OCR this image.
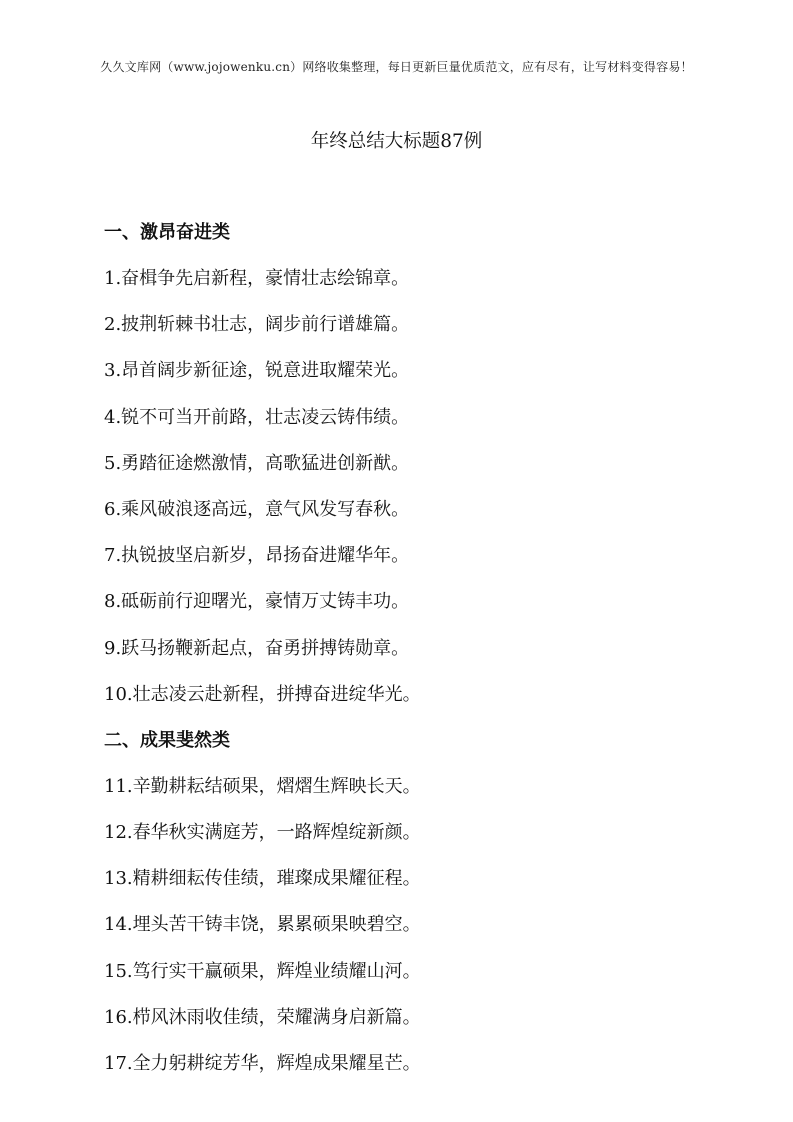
久久文库网（www.jojowenku.cn）网络收集整理，每日更新巨量优质范文，应有尽有，让写材料变得容易！
年终总结大标题87例
一、激昂奋进类
1.奋楫争先启新程，豪情壮志绘锦章。
2.披荆斩棘书壮志，阔步前行谱雄篇。
3.昂首阔步新征途，锐意进取耀荣光。
4.锐不可当开前路，壮志凌云铸伟绩。
5.勇踏征途燃激情，高歌猛进创新猷。
6.乘风破浪逐高远，意气风发写春秋。
7.执锐披坚启新岁，昂扬奋进耀华年。
8.砥砺前行迎曙光，豪情万丈铸丰功。
9.跃马扬鞭新起点，奋勇拼搏铸勋章。
10.壮志凌云赴新程，拼搏奋进绽华光。
二、成果斐然类
11.辛勤耕耘结硕果，熠熠生辉映长天。
12.春华秋实满庭芳，一路辉煌绽新颜。
13.精耕细耘传佳绩，璀璨成果耀征程。
14.埋头苦干铸丰饶，累累硕果映碧空。
15.笃行实干赢硕果，辉煌业绩耀山河。
16.栉风沐雨收佳绩，荣耀满身启新篇。
17.全力躬耕绽芳华，辉煌成果耀星芒。
